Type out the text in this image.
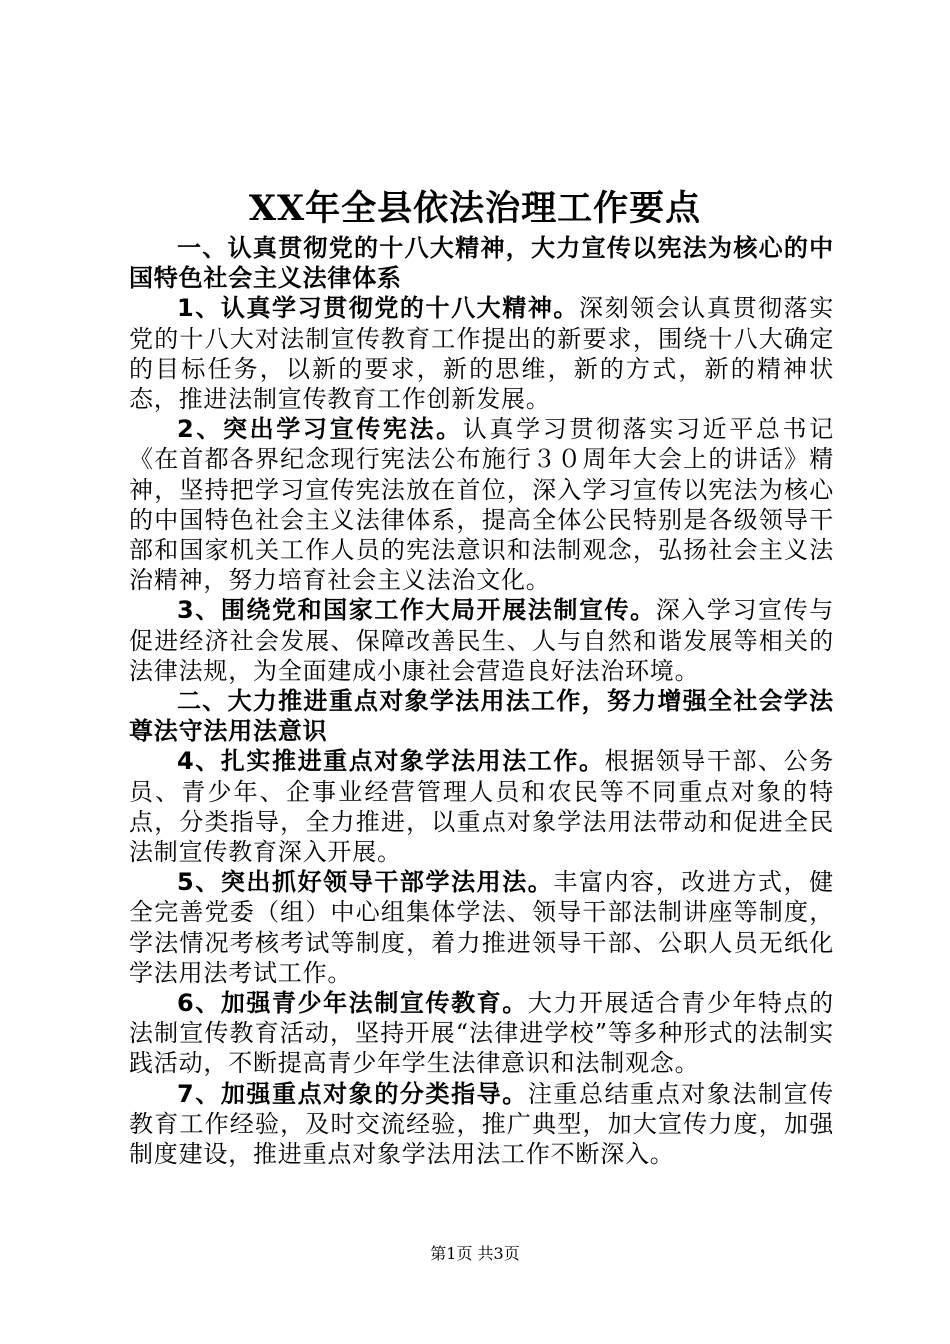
XX年全县依法治理工作要点

一、认真贯彻党的十八大精神，大力宣传以宪法为核心的中国特色社会主义法律体系

1、认真学习贯彻党的十八大精神。深刻领会认真贯彻落实党的十八大对法制宣传教育工作提出的新要求，围绕十八大确定的目标任务，以新的要求，新的思维，新的方式，新的精神状态，推进法制宣传教育工作创新发展。

2、突出学习宣传宪法。认真学习贯彻落实习近平总书记《在首都各界纪念现行宪法公布施行３０周年大会上的讲话》精神，坚持把学习宣传宪法放在首位，深入学习宣传以宪法为核心的中国特色社会主义法律体系，提高全体公民特别是各级领导干部和国家机关工作人员的宪法意识和法制观念，弘扬社会主义法治精神，努力培育社会主义法治文化。

3、围绕党和国家工作大局开展法制宣传。深入学习宣传与促进经济社会发展、保障改善民生、人与自然和谐发展等相关的法律法规，为全面建成小康社会营造良好法治环境。

二、大力推进重点对象学法用法工作，努力增强全社会学法尊法守法用法意识

4、扎实推进重点对象学法用法工作。根据领导干部、公务员、青少年、企事业经营管理人员和农民等不同重点对象的特点，分类指导，全力推进，以重点对象学法用法带动和促进全民法制宣传教育深入开展。

5、突出抓好领导干部学法用法。丰富内容，改进方式，健全完善党委（组）中心组集体学法、领导干部法制讲座等制度，学法情况考核考试等制度，着力推进领导干部、公职人员无纸化学法用法考试工作。

6、加强青少年法制宣传教育。大力开展适合青少年特点的法制宣传教育活动，坚持开展“法律进学校”等多种形式的法制实践活动，不断提高青少年学生法律意识和法制观念。

7、加强重点对象的分类指导。注重总结重点对象法制宣传教育工作经验，及时交流经验，推广典型，加大宣传力度，加强制度建设，推进重点对象学法用法工作不断深入。

第1页 共3页
